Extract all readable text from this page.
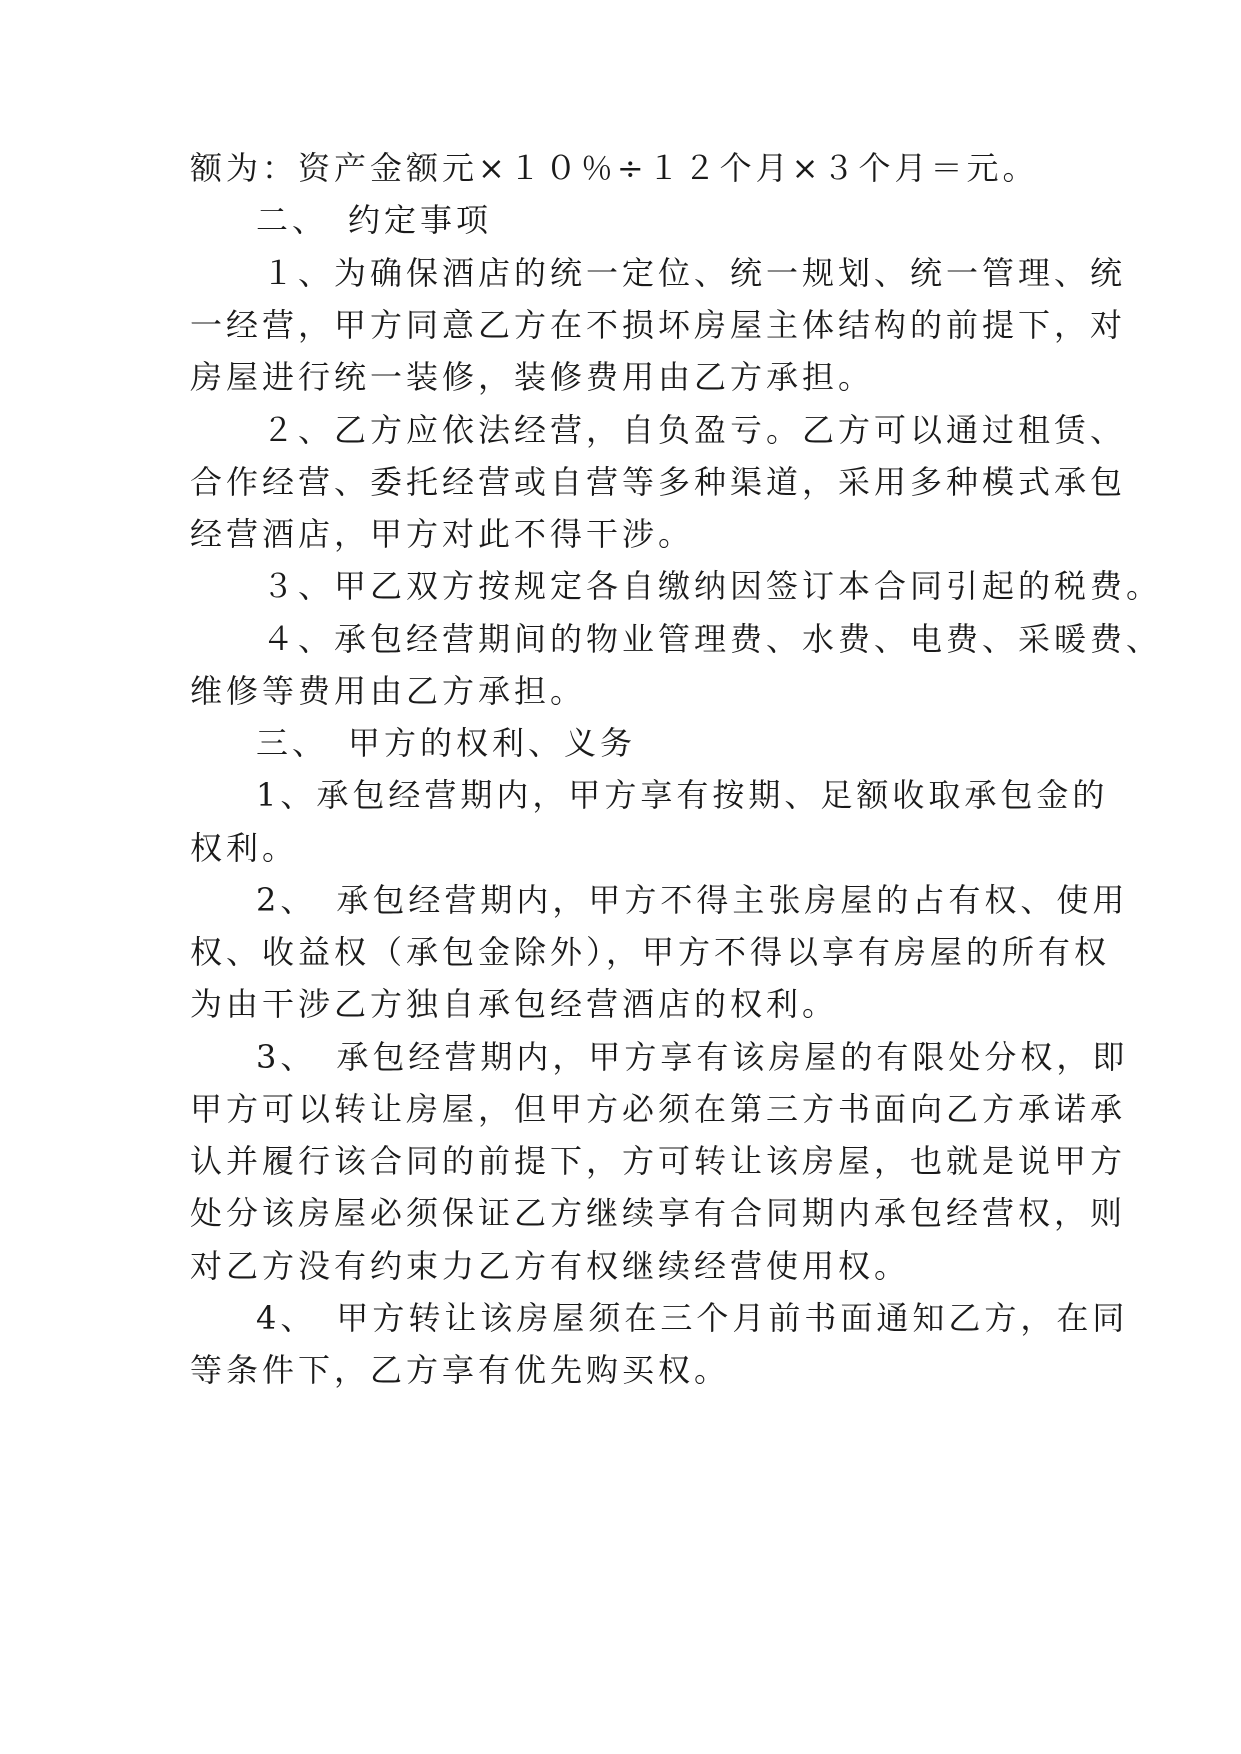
额为：资产金额元×１０％÷１２个月×３个月＝元。
二、　约定事项
１、为确保酒店的统一定位、统一规划、统一管理、统
一经营，甲方同意乙方在不损坏房屋主体结构的前提下，对
房屋进行统一装修，装修费用由乙方承担。
２、乙方应依法经营，自负盈亏。乙方可以通过租赁、
合作经营、委托经营或自营等多种渠道，采用多种模式承包
经营酒店，甲方对此不得干涉。
３、甲乙双方按规定各自缴纳因签订本合同引起的税费。
４、承包经营期间的物业管理费、水费、电费、采暖费、
维修等费用由乙方承担。
三、　甲方的权利、义务
1、承包经营期内，甲方享有按期、足额收取承包金的
权利。
2、　承包经营期内，甲方不得主张房屋的占有权、使用
权、收益权（承包金除外），甲方不得以享有房屋的所有权
为由干涉乙方独自承包经营酒店的权利。
3、　承包经营期内，甲方享有该房屋的有限处分权，即
甲方可以转让房屋，但甲方必须在第三方书面向乙方承诺承
认并履行该合同的前提下，方可转让该房屋，也就是说甲方
处分该房屋必须保证乙方继续享有合同期内承包经营权，则
对乙方没有约束力乙方有权继续经营使用权。
4、　甲方转让该房屋须在三个月前书面通知乙方，在同
等条件下，乙方享有优先购买权。
